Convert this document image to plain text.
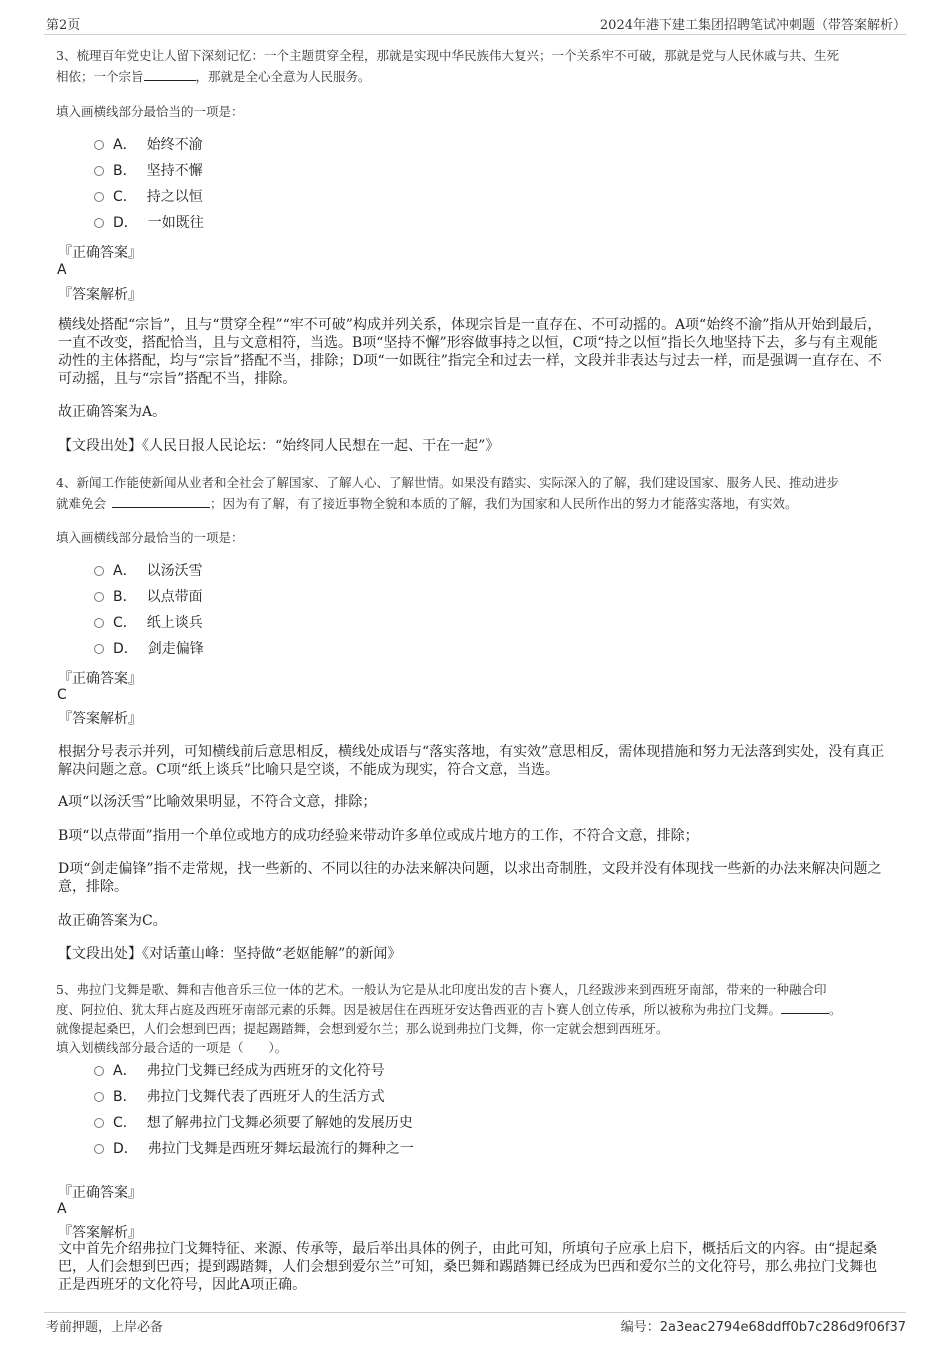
第2页	2024年港下建工集团招聘笔试冲刺题（带答案解析）
3、梳理百年党史让人留下深刻记忆：一个主题贯穿全程，那就是实现中华民族伟大复兴；一个关系牢不可破，那就是党与人民休戚与共、生死
相依；一个宗旨	，那就是全心全意为人民服务。
填入画横线部分最恰当的一项是：
A． 始终不渝
B． 坚持不懈
C． 持之以恒
D． 一如既往
『正确答案』
A
『答案解析』
横线处搭配“宗旨”，且与“贯穿全程”“牢不可破”构成并列关系，体现宗旨是一直存在、不可动摇的。A项“始终不渝”指从开始到最后，一直不改变，搭配恰当，且与文意相符，当选。B项“坚持不懈”形容做事持之以恒，C项“持之以恒”指长久地坚持下去，多与有主观能动性的主体搭配，均与“宗旨”搭配不当，排除；D项“一如既往”指完全和过去一样，文段并非表达与过去一样，而是强调一直存在、不可动摇，且与“宗旨”搭配不当，排除。
故正确答案为A。
【文段出处】《人民日报人民论坛：“始终同人民想在一起、干在一起”》
4、新闻工作能使新闻从业者和全社会了解国家、了解人心、了解世情。如果没有踏实、实际深入的了解，我们建设国家、服务人民、推动进步
就难免会	；因为有了解，有了接近事物全貌和本质的了解，我们为国家和人民所作出的努力才能落实落地，有实效。
填入画横线部分最恰当的一项是：
A． 以汤沃雪
B． 以点带面
C． 纸上谈兵
D． 剑走偏锋
『正确答案』
C
『答案解析』
根据分号表示并列，可知横线前后意思相反，横线处成语与“落实落地，有实效”意思相反，需体现措施和努力无法落到实处，没有真正解决问题之意。C项“纸上谈兵”比喻只是空谈，不能成为现实，符合文意，当选。
A项“以汤沃雪”比喻效果明显，不符合文意，排除；
B项“以点带面”指用一个单位或地方的成功经验来带动许多单位或成片地方的工作，不符合文意，排除；
D项“剑走偏锋”指不走常规，找一些新的、不同以往的办法来解决问题，以求出奇制胜，文段并没有体现找一些新的办法来解决问题之意，排除。
故正确答案为C。
【文段出处】《对话董山峰：坚持做“老妪能解”的新闻》
5、弗拉门戈舞是歌、舞和吉他音乐三位一体的艺术。一般认为它是从北印度出发的吉卜赛人，几经跋涉来到西班牙南部，带来的一种融合印
度、阿拉伯、犹太拜占庭及西班牙南部元素的乐舞。因是被居住在西班牙安达鲁西亚的吉卜赛人创立传承，所以被称为弗拉门戈舞。	。
就像提起桑巴，人们会想到巴西；提起踢踏舞，会想到爱尔兰；那么说到弗拉门戈舞，你一定就会想到西班牙。
填入划横线部分最合适的一项是（　　）。
A． 弗拉门戈舞已经成为西班牙的文化符号
B． 弗拉门戈舞代表了西班牙人的生活方式
C． 想了解弗拉门戈舞必须要了解她的发展历史
D． 弗拉门戈舞是西班牙舞坛最流行的舞种之一
『正确答案』
A
『答案解析』
文中首先介绍弗拉门戈舞特征、来源、传承等，最后举出具体的例子，由此可知，所填句子应承上启下，概括后文的内容。由“提起桑巴，人们会想到巴西；提到踢踏舞，人们会想到爱尔兰”可知，桑巴舞和踢踏舞已经成为巴西和爱尔兰的文化符号，那么弗拉门戈舞也正是西班牙的文化符号，因此A项正确。
考前押题，上岸必备	编号：2a3eac2794e68ddff0b7c286d9f06f37
